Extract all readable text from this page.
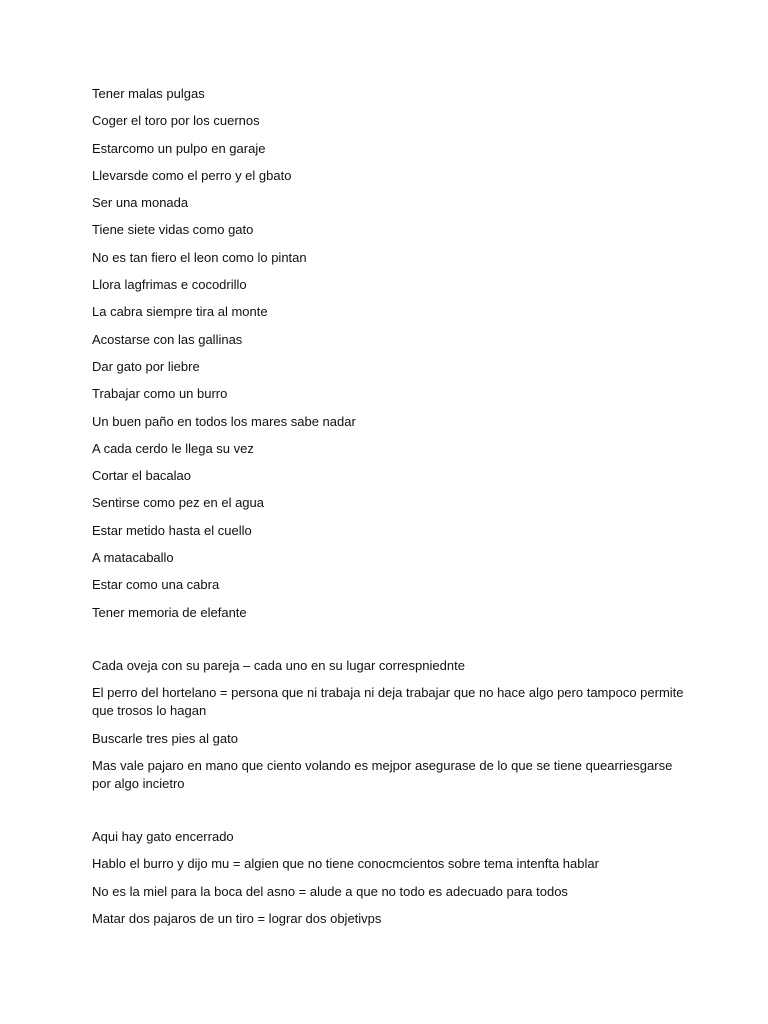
Tener malas pulgas

Coger el toro por los cuernos

Estarcomo un pulpo en garaje

Llevarsde como el perro y el gbato

Ser una monada

Tiene siete vidas como gato

No es tan fiero el leon como lo pintan

Llora lagfrimas e cocodrillo

La cabra siempre tira al monte

Acostarse con las gallinas

Dar gato por liebre

Trabajar como un burro

Un buen paño en todos los mares sabe nadar

A cada cerdo le llega su vez

Cortar el bacalao

Sentirse como pez en el agua

Estar metido hasta el cuello

A matacaballo

Estar como una cabra

Tener memoria de elefante

Cada oveja con su pareja – cada uno en su lugar correspniednte

El perro del hortelano = persona que ni trabaja ni deja trabajar que no hace algo pero tampoco permite que trosos lo hagan

Buscarle tres pies al gato

Mas vale pajaro en mano que ciento volando es mejpor asegurase de lo que se tiene quearriesgarse por algo incietro

Aqui hay gato encerrado

Hablo el burro y dijo mu = algien que no tiene conocmcientos sobre tema intenfta hablar

No es la miel para la boca del asno = alude a que no todo es adecuado para todos

Matar dos pajaros de un tiro = lograr dos objetivps
